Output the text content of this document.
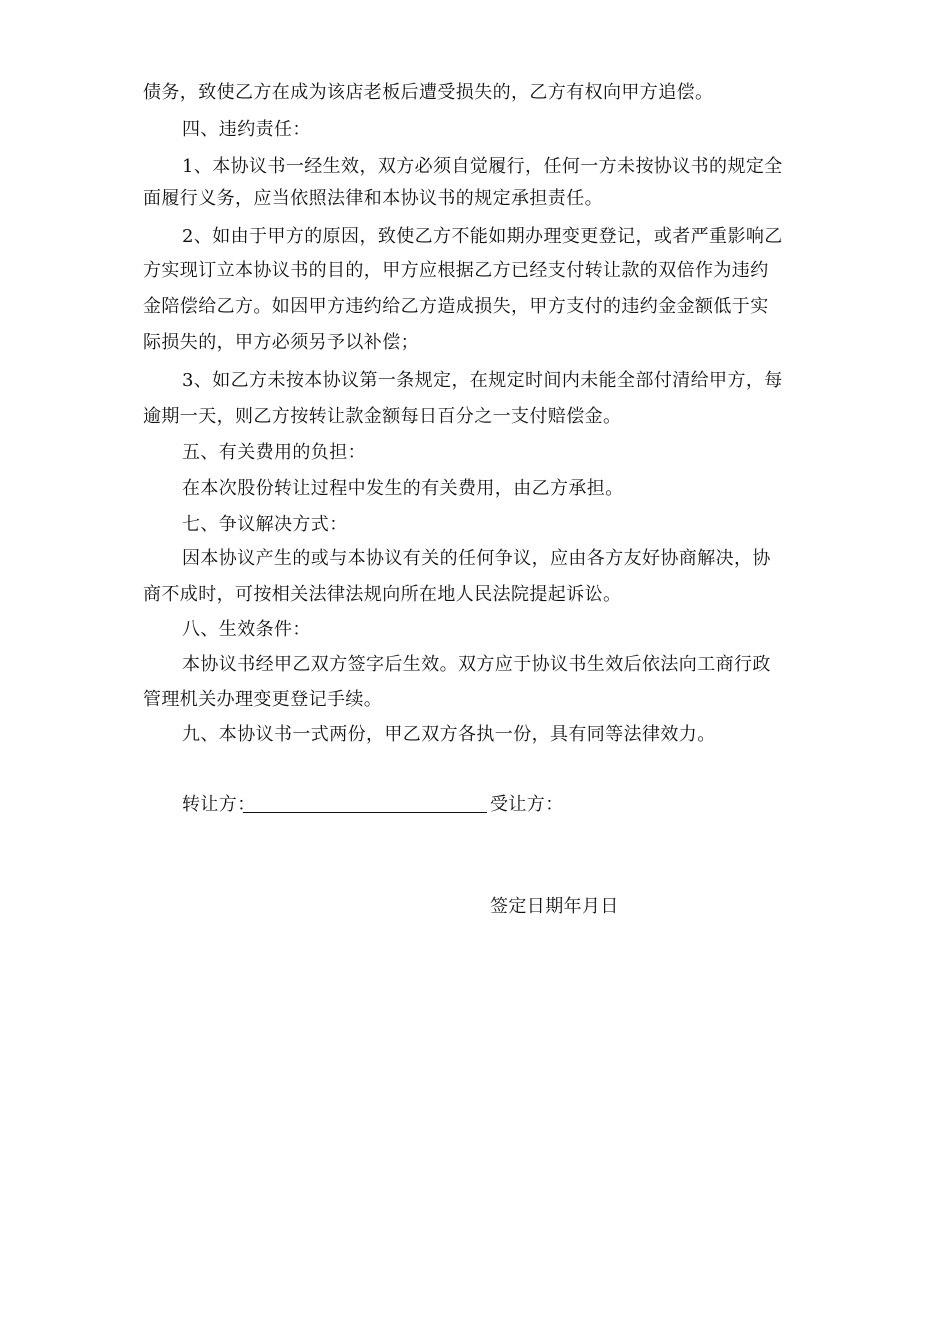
债务，致使乙方在成为该店老板后遭受损失的，乙方有权向甲方追偿。
四、违约责任：
1、本协议书一经生效，双方必须自觉履行，任何一方未按协议书的规定全
面履行义务，应当依照法律和本协议书的规定承担责任。
2、如由于甲方的原因，致使乙方不能如期办理变更登记，或者严重影响乙
方实现订立本协议书的目的，甲方应根据乙方已经支付转让款的双倍作为违约
金陪偿给乙方。如因甲方违约给乙方造成损失，甲方支付的违约金金额低于实
际损失的，甲方必须另予以补偿；
3、如乙方未按本协议第一条规定，在规定时间内未能全部付清给甲方，每
逾期一天，则乙方按转让款金额每日百分之一支付赔偿金。
五、有关费用的负担：
在本次股份转让过程中发生的有关费用，由乙方承担。
七、争议解决方式：
因本协议产生的或与本协议有关的任何争议，应由各方友好协商解决，协
商不成时，可按相关法律法规向所在地人民法院提起诉讼。
八、生效条件：
本协议书经甲乙双方签字后生效。双方应于协议书生效后依法向工商行政
管理机关办理变更登记手续。
九、本协议书一式两份，甲乙双方各执一份，具有同等法律效力。
转让方：	受让方：
签定日期年月日
